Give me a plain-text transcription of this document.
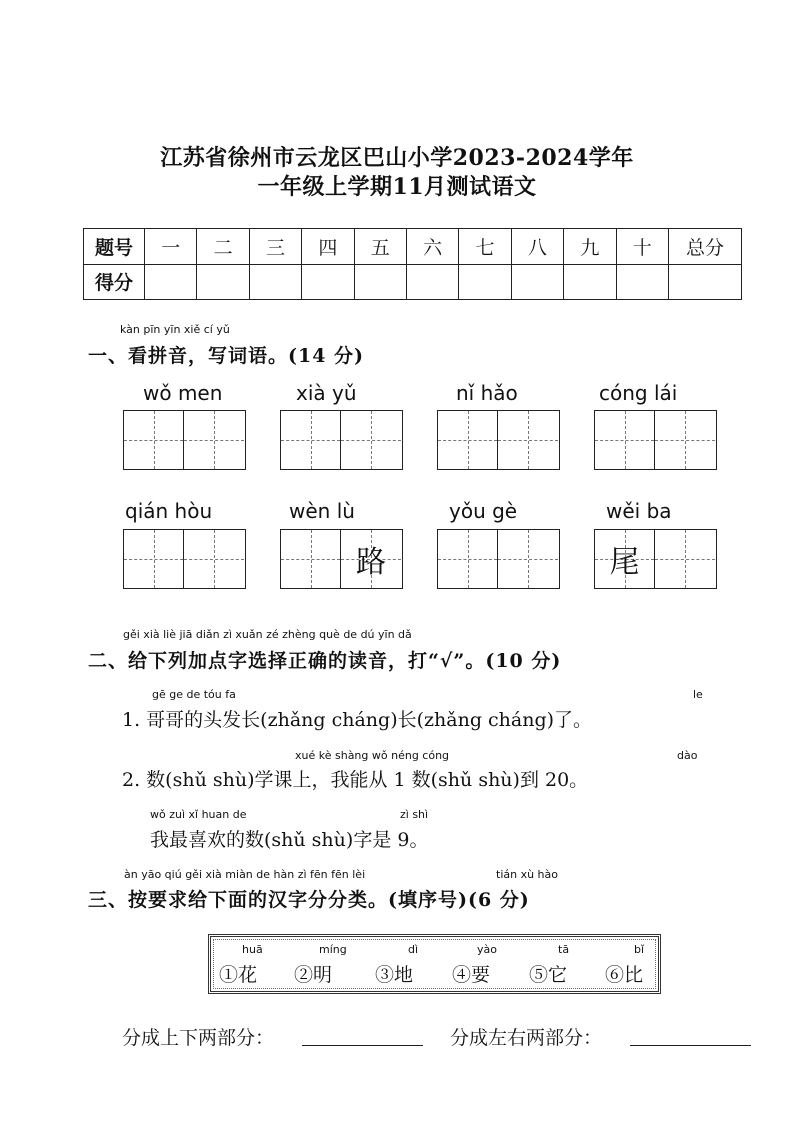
江苏省徐州市云龙区巴山小学2023-2024学年
一年级上学期11月测试语文
题号	一	二	三	四	五	六	七	八	九	十	总分
得分											
kàn pīn yīn xiě cí yǔ
一、看拼音，写词语。(14 分)
wǒ men	xià yǔ	nǐ hǎo	cóng lái
qián hòu	wèn lù
路
yǒu gè	wěi ba
尾
gěi xià liè jiā diǎn zì xuǎn zé zhèng què de dú yīn dǎ
二、给下列加点字选择正确的读音，打“√”。(10 分)
gē ge de tóu fa	le
1. 哥哥的头发长(zhǎng cháng)长(zhǎng cháng)了。
xué kè shàng wǒ néng cóng	dào
2. 数(shǔ shù)学课上，我能从 1 数(shǔ shù)到 20。
wǒ zuì xǐ huan de	zì shì
我最喜欢的数(shǔ shù)字是 9。
àn yāo qiú gěi xià miàn de hàn zì fēn fēn lèi	tián xù hào
三、按要求给下面的汉字分分类。(填序号)(6 分)
huā
①花
míng
②明
dì
③地
yào
④要
tā
⑤它
bǐ
⑥比
分成上下两部分：	分成左右两部分：
